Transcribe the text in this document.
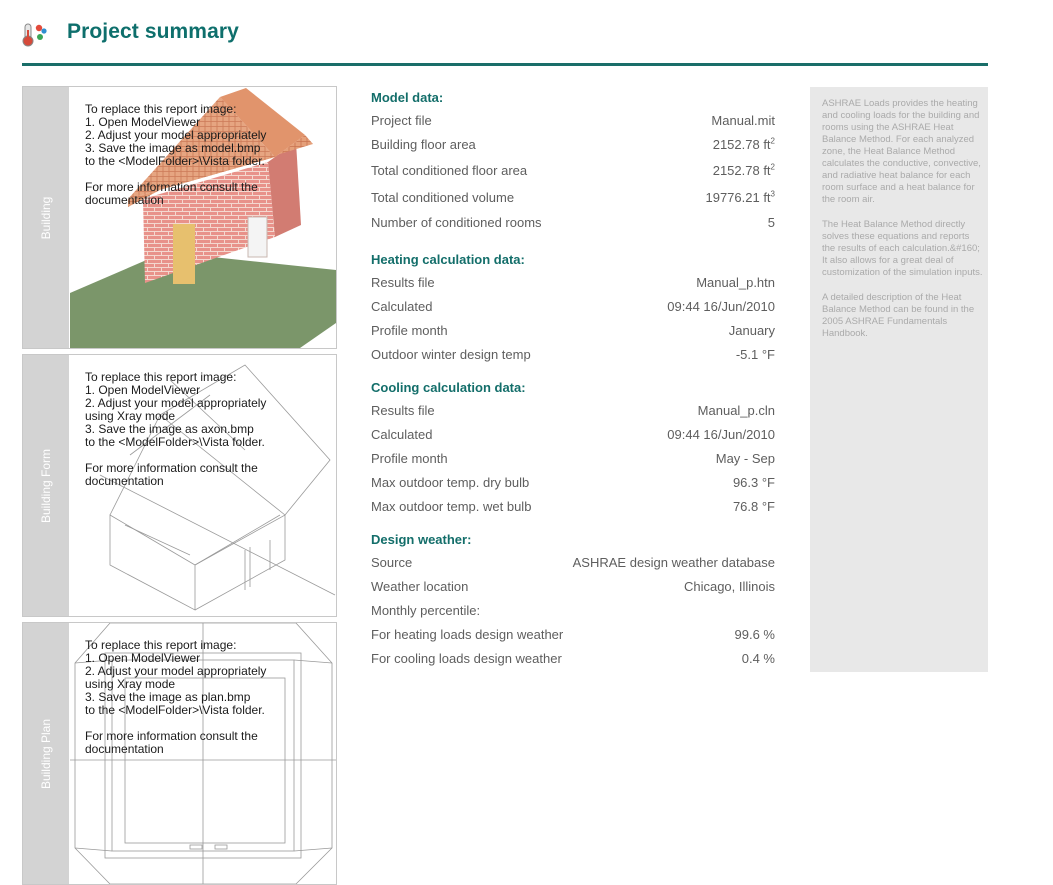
Project summary
Building
To replace this report image:
1. Open ModelViewer
2. Adjust your model appropriately
3. Save the image as model.bmp
to the <ModelFolder>\Vista folder.
For more information consult the
documentation
Building Form
To replace this report image:
1. Open ModelViewer
2. Adjust your model appropriately
using Xray mode
3. Save the image as axon.bmp
to the <ModelFolder>\Vista folder.
For more information consult the
documentation
Building Plan
To replace this report image:
1. Open ModelViewer
2. Adjust your model appropriately
using Xray mode
3. Save the image as plan.bmp
to the <ModelFolder>\Vista folder.
For more information consult the
documentation
Model data:
Project file	Manual.mit
Building floor area	2152.78 $ft^2$
Total conditioned floor area	2152.78 $ft^2$
Total conditioned volume	19776.21 $ft^3$
Number of conditioned rooms	5
Heating calculation data:
Results file	Manual_p.htn
Calculated	09:44 16/Jun/2010
Profile month	January
Outdoor winter design temp	-5.1 °F
Cooling calculation data:
Results file	Manual_p.cln
Calculated	09:44 16/Jun/2010
Profile month	May - Sep
Max outdoor temp. dry bulb	96.3 °F
Max outdoor temp. wet bulb	76.8 °F
Design weather:
Source	ASHRAE design weather database
Weather location	Chicago, Illinois
Monthly percentile:
For heating loads design weather	99.6 %
For cooling loads design weather	0.4 %

ASHRAE Loads provides the heating and cooling loads for the building and rooms using the ASHRAE Heat Balance Method. For each analyzed zone, the Heat Balance Method calculates the conductive, convective, and radiative heat balance for each room surface and a heat balance for the room air.

The Heat Balance Method directly solves these equations and reports the results of each calculation.&#160; It also allows for a great deal of customization of the simulation inputs.

A detailed description of the Heat Balance Method can be found in the 2005 ASHRAE Fundamentals Handbook.
